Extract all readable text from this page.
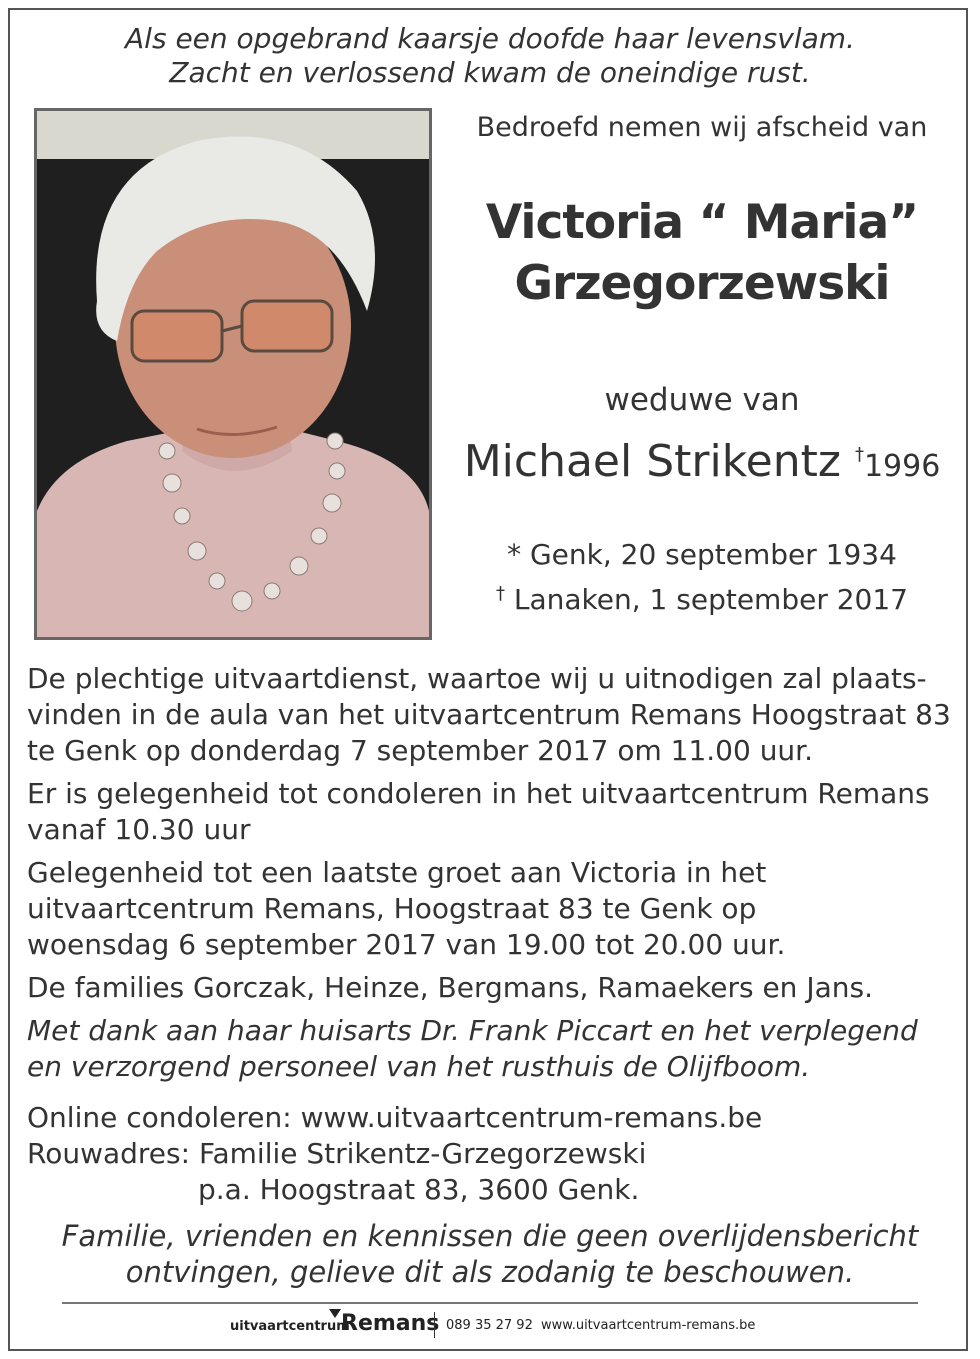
Als een opgebrand kaarsje doofde haar levensvlam.
Zacht en verlossend kwam de oneindige rust.
Bedroefd nemen wij afscheid van
Victoria “ Maria”
Grzegorzewski
weduwe van
Michael Strikentz †1996
* Genk, 20 september 1934
† Lanaken, 1 september 2017
De plechtige uitvaartdienst, waartoe wij u uitnodigen zal plaats-
vinden in de aula van het uitvaartcentrum Remans Hoogstraat 83
te Genk op donderdag 7 september 2017 om 11.00 uur.
Er is gelegenheid tot condoleren in het uitvaartcentrum Remans
vanaf 10.30 uur
Gelegenheid tot een laatste groet aan Victoria in het
uitvaartcentrum Remans, Hoogstraat 83 te Genk op
woensdag 6 september 2017 van 19.00 tot 20.00 uur.
De families Gorczak, Heinze, Bergmans, Ramaekers en Jans.
Met dank aan haar huisarts Dr. Frank Piccart en het verplegend
en verzorgend personeel van het rusthuis de Olijfboom.
Online condoleren: www.uitvaartcentrum-remans.be
Rouwadres: Familie Strikentz-Grzegorzewski
p.a. Hoogstraat 83, 3600 Genk.
Familie, vrienden en kennissen die geen overlijdensbericht
ontvingen, gelieve dit als zodanig te beschouwen.
uitvaartcentrum
Remans 089 35 27 92 www.uitvaartcentrum-remans.be
